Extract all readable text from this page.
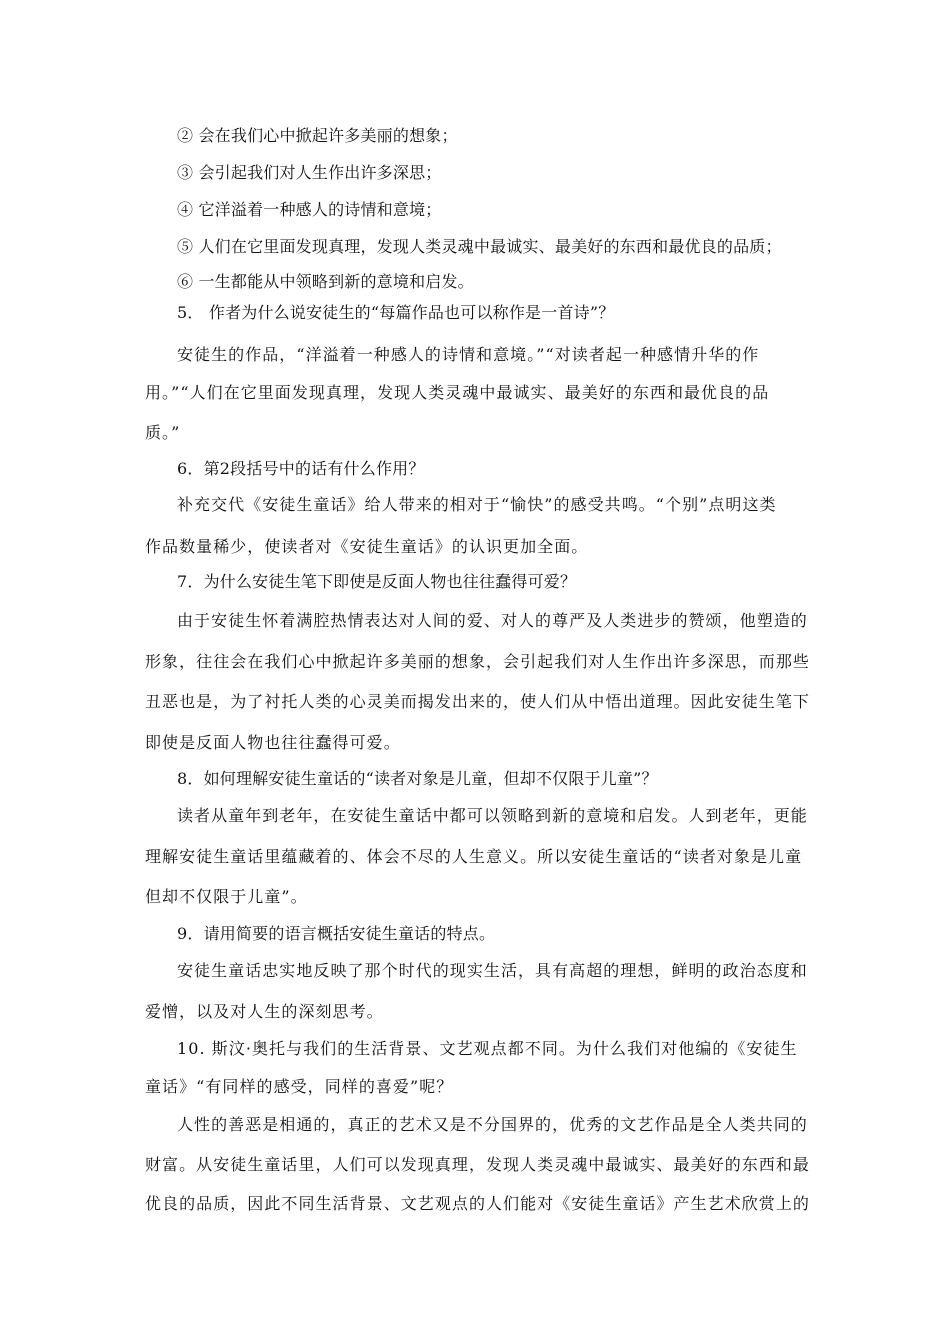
② 会在我们心中掀起许多美丽的想象；
③ 会引起我们对人生作出许多深思；
④ 它洋溢着一种感人的诗情和意境；
⑤ 人们在它里面发现真理，发现人类灵魂中最诚实、最美好的东西和最优良的品质；
⑥ 一生都能从中领略到新的意境和启发。
5． 作者为什么说安徒生的“每篇作品也可以称作是一首诗”？
安徒生的作品，“洋溢着一种感人的诗情和意境。”“对读者起一种感情升华的作
用。”“人们在它里面发现真理，发现人类灵魂中最诚实、最美好的东西和最优良的品
质。”
6．第2段括号中的话有什么作用？
补充交代《安徒生童话》给人带来的相对于“愉快”的感受共鸣。“个别”点明这类
作品数量稀少，使读者对《安徒生童话》的认识更加全面。
7．为什么安徒生笔下即使是反面人物也往往蠢得可爱？
由于安徒生怀着满腔热情表达对人间的爱、对人的尊严及人类进步的赞颂，他塑造的
形象，往往会在我们心中掀起许多美丽的想象，会引起我们对人生作出许多深思，而那些
丑恶也是，为了衬托人类的心灵美而揭发出来的，使人们从中悟出道理。因此安徒生笔下
即使是反面人物也往往蠢得可爱。
8．如何理解安徒生童话的“读者对象是儿童，但却不仅限于儿童”？
读者从童年到老年，在安徒生童话中都可以领略到新的意境和启发。人到老年，更能
理解安徒生童话里蕴藏着的、体会不尽的人生意义。所以安徒生童话的“读者对象是儿童
但却不仅限于儿童”。
9．请用简要的语言概括安徒生童话的特点。
安徒生童话忠实地反映了那个时代的现实生活，具有高超的理想，鲜明的政治态度和
爱憎，以及对人生的深刻思考。
10. 斯汶·奥托与我们的生活背景、文艺观点都不同。为什么我们对他编的《安徒生
童话》“有同样的感受，同样的喜爱”呢？
人性的善恶是相通的，真正的艺术又是不分国界的，优秀的文艺作品是全人类共同的
财富。从安徒生童话里，人们可以发现真理，发现人类灵魂中最诚实、最美好的东西和最
优良的品质，因此不同生活背景、文艺观点的人们能对《安徒生童话》产生艺术欣赏上的
